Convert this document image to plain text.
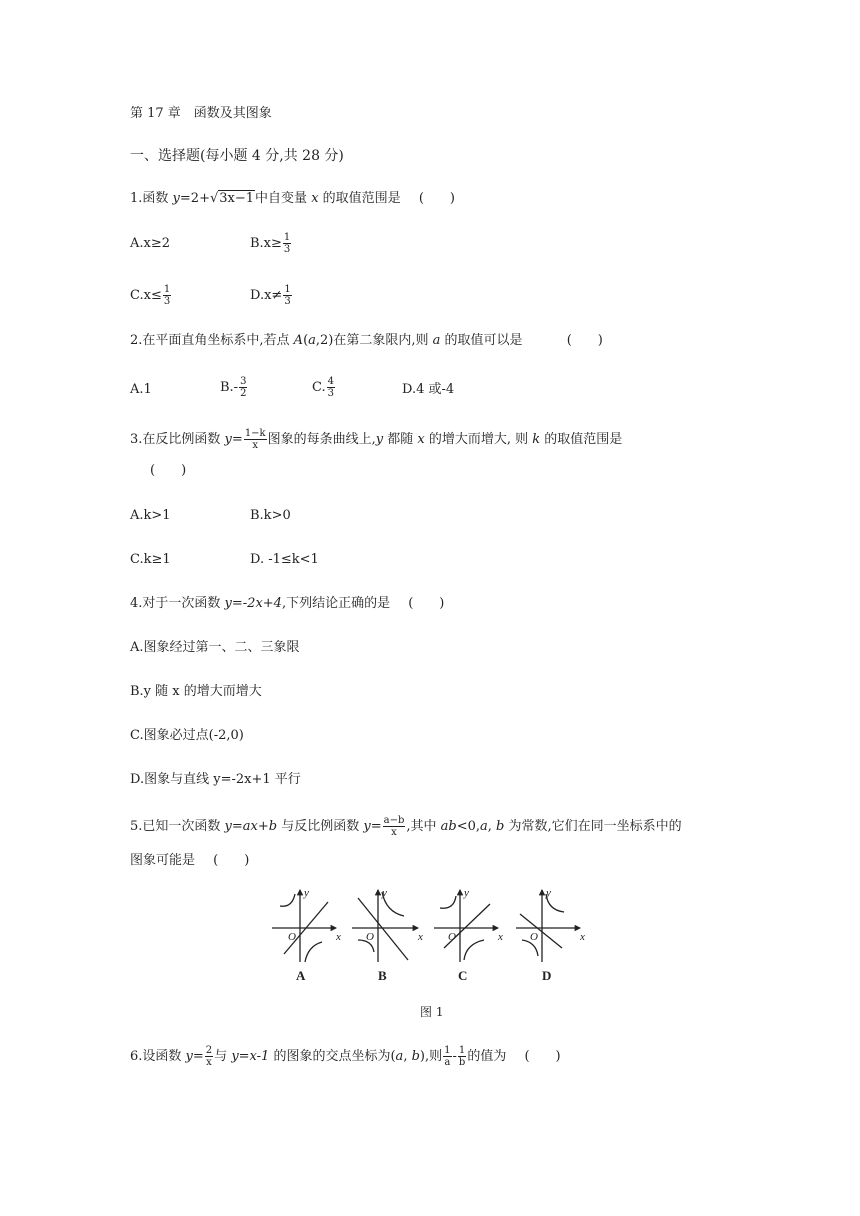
第 17 章　函数及其图象
一、选择题(每小题 4 分,共 28 分)
1.函数 y=2+√3x−1中自变量 x 的取值范围是 (　　)
A.x≥2	$B.x\ge \frac{1}{3}$
$C.x\le \frac{1}{3}$	$D.x\ne \frac{1}{3}$
2.在平面直角坐标系中,若点 A(a,2)在第二象限内,则 a 的取值可以是	(　　)
A.1	$B.- \frac{3}{2}$	C. $\frac{4}{3}$	D.4 或-4
3.在反比例函数 $y= \frac{1-k}{x}$ 图象的每条曲线上,y 都随 x 的增大而增大, 则 k 的取值范围是
(　　)
A.k>1	B.k>0
C.k≥1	D. -1≤k<1
4.对于一次函数 y=-2x+4,下列结论正确的是 (　　)
A.图象经过第一、二、三象限
B.y 随 x 的增大而增大
C.图象必过点(-2,0)
D.图象与直线 y=-2x+1 平行
5.已知一次函数 y=ax+b 与反比例函数 $y= \frac{a-b}{x}$ ,其中 ab<0,a, b 为常数,它们在同一坐标系中的
图象可能是 (　　)
y
x
O
y
x
O
y
x
O
y
x
O
A	B	C	D
图 1
6.设函数 $y= \frac{2}{x}$ 与 y=x-1 的图象的交点坐标为(a, b),则 $\frac{1}{a} - \frac{1}{b}$ 的值为 (　　)
